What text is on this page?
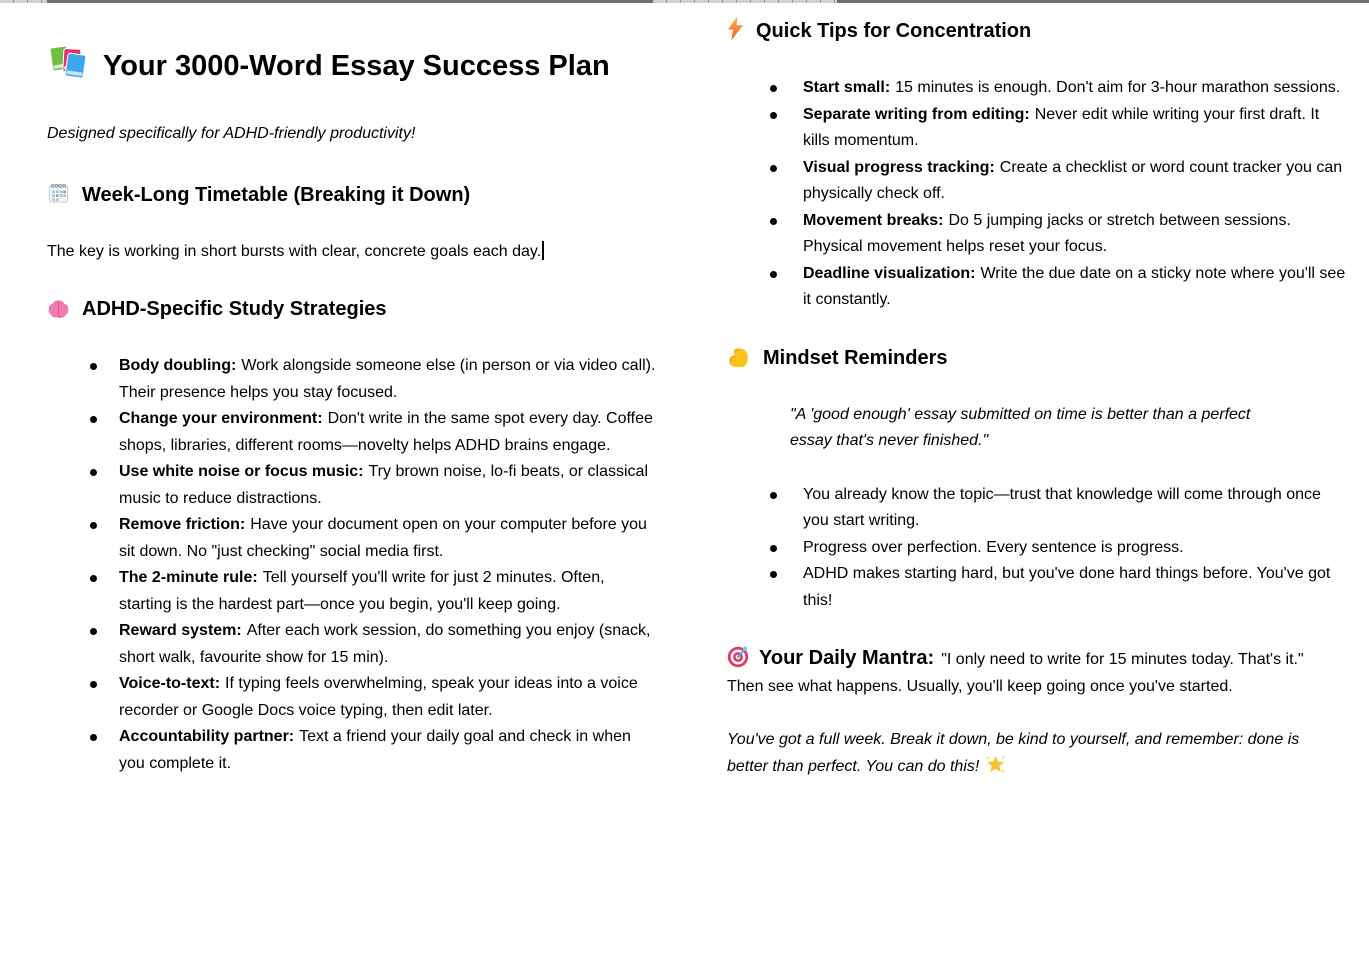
Your 3000-Word Essay Success Plan

Designed specifically for ADHD-friendly productivity!

Week-Long Timetable (Breaking it Down)

The key is working in short bursts with clear, concrete goals each day.

ADHD-Specific Study Strategies
Body doubling: Work alongside someone else (in person or via video call). Their presence helps you stay focused.
Change your environment: Don't write in the same spot every day. Coffee shops, libraries, different rooms—novelty helps ADHD brains engage.
Use white noise or focus music: Try brown noise, lo-fi beats, or classical music to reduce distractions.
Remove friction: Have your document open on your computer before you sit down. No "just checking" social media first.
The 2-minute rule: Tell yourself you'll write for just 2 minutes. Often, starting is the hardest part—once you begin, you'll keep going.
Reward system: After each work session, do something you enjoy (snack, short walk, favourite show for 15 min).
Voice-to-text: If typing feels overwhelming, speak your ideas into a voice recorder or Google Docs voice typing, then edit later.
Accountability partner: Text a friend your daily goal and check in when you complete it.
Quick Tips for Concentration
Start small: 15 minutes is enough. Don't aim for 3-hour marathon sessions.
Separate writing from editing: Never edit while writing your first draft. It kills momentum.
Visual progress tracking: Create a checklist or word count tracker you can physically check off.
Movement breaks: Do 5 jumping jacks or stretch between sessions. Physical movement helps reset your focus.
Deadline visualization: Write the due date on a sticky note where you'll see it constantly.
Mindset Reminders
"A 'good enough' essay submitted on time is better than a perfect essay that's never finished."
You already know the topic—trust that knowledge will come through once you start writing.
Progress over perfection. Every sentence is progress.
ADHD makes starting hard, but you've done hard things before. You've got this!

Your Daily Mantra: "I only need to write for 15 minutes today. That's it." Then see what happens. Usually, you'll keep going once you've started.

You've got a full week. Break it down, be kind to yourself, and remember: done is better than perfect. You can do this!
